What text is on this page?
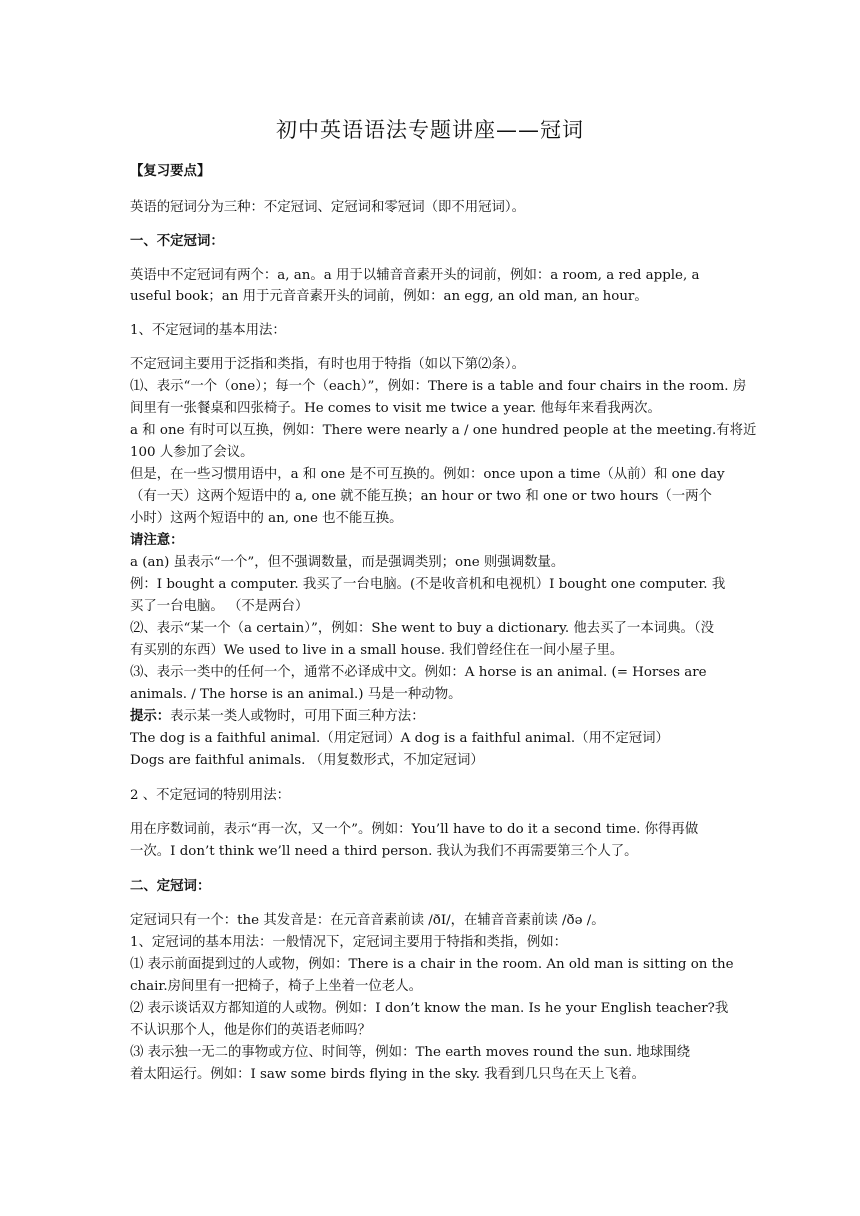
初中英语语法专题讲座——冠词
【复习要点】
英语的冠词分为三种：不定冠词、定冠词和零冠词（即不用冠词）。
一、不定冠词：
英语中不定冠词有两个：a, an。a 用于以辅音音素开头的词前，例如：a room, a red apple, a
useful book；an 用于元音音素开头的词前，例如：an egg, an old man, an hour。
1、不定冠词的基本用法：
不定冠词主要用于泛指和类指，有时也用于特指（如以下第⑵条）。
⑴、表示“一个（one）；每一个（each）”，例如：There is a table and four chairs in the room. 房
间里有一张餐桌和四张椅子。He comes to visit me twice a year. 他每年来看我两次。
a 和 one 有时可以互换，例如：There were nearly a / one hundred people at the meeting.有将近
100 人参加了会议。
但是，在一些习惯用语中，a 和 one 是不可互换的。例如：once upon a time（从前）和 one day
（有一天）这两个短语中的 a, one 就不能互换；an hour or two 和 one or two hours（一两个
小时）这两个短语中的 an, one 也不能互换。
请注意：
a (an) 虽表示“一个”，但不强调数量，而是强调类别；one 则强调数量。
例：I bought a computer. 我买了一台电脑。(不是收音机和电视机）I bought one computer. 我
买了一台电脑。 （不是两台）
⑵、表示“某一个（a certain）”，例如：She went to buy a dictionary. 他去买了一本词典。（没
有买别的东西）We used to live in a small house. 我们曾经住在一间小屋子里。
⑶、表示一类中的任何一个，通常不必译成中文。例如：A horse is an animal. (= Horses are
animals. / The horse is an animal.) 马是一种动物。
提示：表示某一类人或物时，可用下面三种方法：
The dog is a faithful animal.（用定冠词）A dog is a faithful animal.（用不定冠词）
Dogs are faithful animals. （用复数形式，不加定冠词）
2 、不定冠词的特别用法：
用在序数词前，表示“再一次，又一个”。例如：You’ll have to do it a second time. 你得再做
一次。I don’t think we’ll need a third person. 我认为我们不再需要第三个人了。
二、定冠词：
定冠词只有一个：the 其发音是：在元音音素前读 /ðI/，在辅音音素前读 /ðə /。
1、定冠词的基本用法：一般情况下，定冠词主要用于特指和类指，例如：
⑴ 表示前面提到过的人或物，例如：There is a chair in the room. An old man is sitting on the
chair.房间里有一把椅子，椅子上坐着一位老人。
⑵ 表示谈话双方都知道的人或物。例如：I don’t know the man. Is he your English teacher?我
不认识那个人，他是你们的英语老师吗？
⑶ 表示独一无二的事物或方位、时间等，例如：The earth moves round the sun. 地球围绕
着太阳运行。例如：I saw some birds flying in the sky. 我看到几只鸟在天上飞着。
